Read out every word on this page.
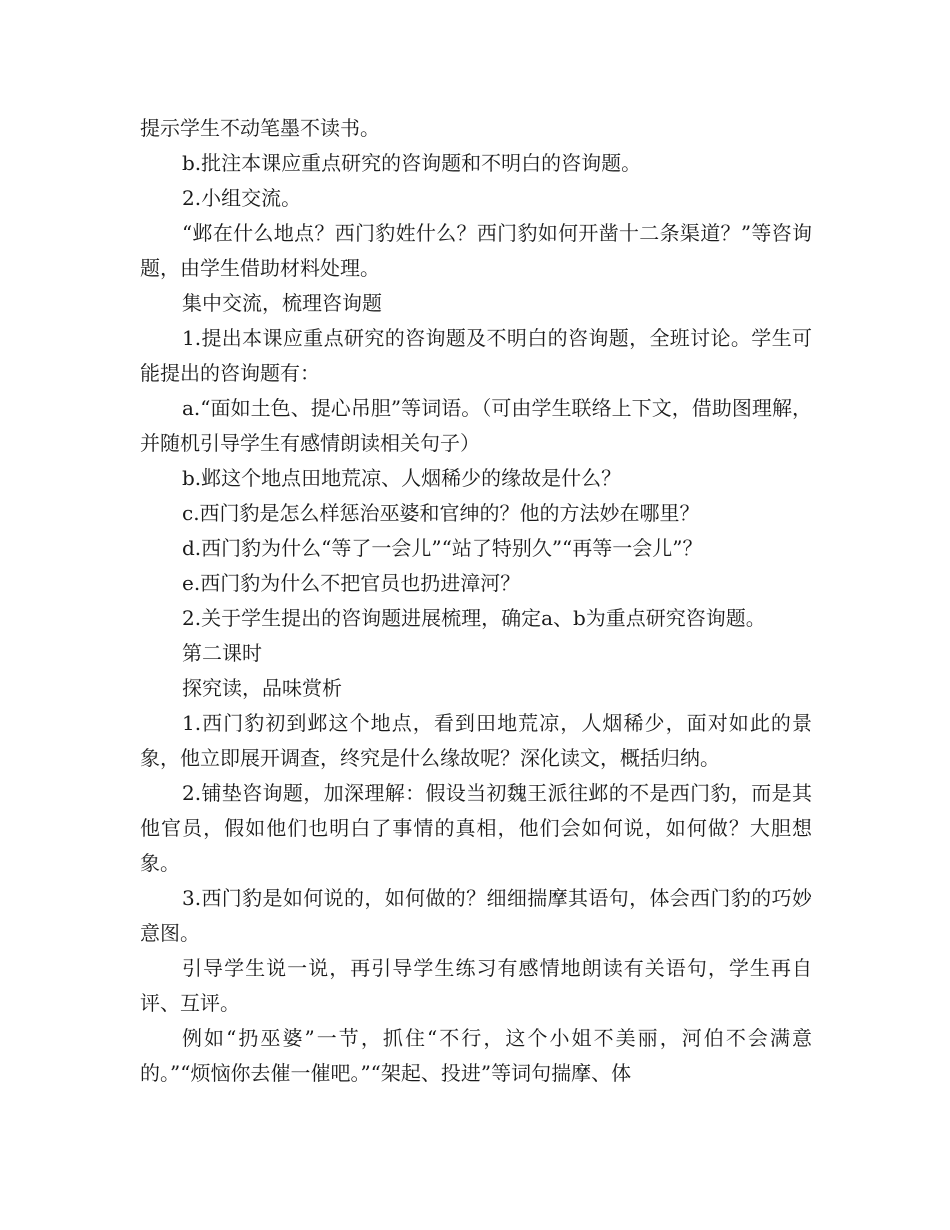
提示学生不动笔墨不读书。

b.批注本课应重点研究的咨询题和不明白的咨询题。

2.小组交流。

“邺在什么地点？西门豹姓什么？西门豹如何开凿十二条渠道？”等咨询题，由学生借助材料处理。

集中交流，梳理咨询题

1.提出本课应重点研究的咨询题及不明白的咨询题，全班讨论。学生可能提出的咨询题有：

a.“面如土色、提心吊胆”等词语。（可由学生联络上下文，借助图理解，并随机引导学生有感情朗读相关句子）

b.邺这个地点田地荒凉、人烟稀少的缘故是什么？

c.西门豹是怎么样惩治巫婆和官绅的？他的方法妙在哪里？

d.西门豹为什么“等了一会儿”“站了特别久”“再等一会儿”？

e.西门豹为什么不把官员也扔进漳河？

2.关于学生提出的咨询题进展梳理，确定a、b为重点研究咨询题。

第二课时

探究读，品味赏析

1.西门豹初到邺这个地点，看到田地荒凉，人烟稀少，面对如此的景象，他立即展开调查，终究是什么缘故呢？深化读文，概括归纳。

2.铺垫咨询题，加深理解：假设当初魏王派往邺的不是西门豹，而是其他官员，假如他们也明白了事情的真相，他们会如何说，如何做？大胆想象。

3.西门豹是如何说的，如何做的？细细揣摩其语句，体会西门豹的巧妙意图。

引导学生说一说，再引导学生练习有感情地朗读有关语句，学生再自评、互评。

例如“扔巫婆”一节，抓住“不行，这个小姐不美丽，河伯不会满意的。”“烦恼你去催一催吧。”“架起、投进”等词句揣摩、体
